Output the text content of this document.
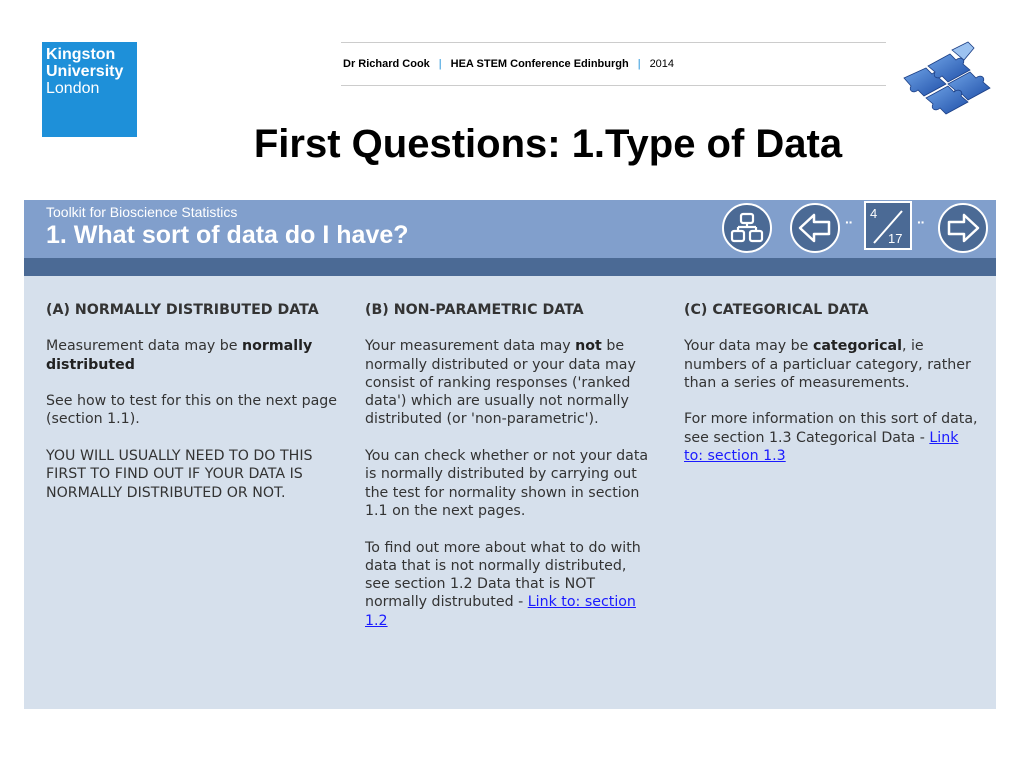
Kingston
University
London
Dr Richard Cook | HEA STEM Conference Edinburgh | 2014
First Questions: 1.Type of Data
Toolkit for Bioscience Statistics
1. What sort of data do I have?	··
4
17
··
(A) NORMALLY DISTRIBUTED DATA

Measurement data may be normally distributed

See how to test for this on the next page (section 1.1).

YOU WILL USUALLY NEED TO DO THIS FIRST TO FIND OUT IF YOUR DATA IS NORMALLY DISTRIBUTED OR NOT.

(B) NON-PARAMETRIC DATA

Your measurement data may not be normally distributed or your data may consist of ranking responses ('ranked data') which are usually not normally distributed (or 'non-parametric').

You can check whether or not your data is normally distributed by carrying out the test for normality shown in section 1.1 on the next pages.

To find out more about what to do with data that is not normally distributed, see section 1.2 Data that is NOT normally distrubuted - Link to: section 1.2

(C) CATEGORICAL DATA

Your data may be categorical, ie numbers of a particluar category, rather than a series of measurements.

For more information on this sort of data, see section 1.3 Categorical Data - Link to: section 1.3
